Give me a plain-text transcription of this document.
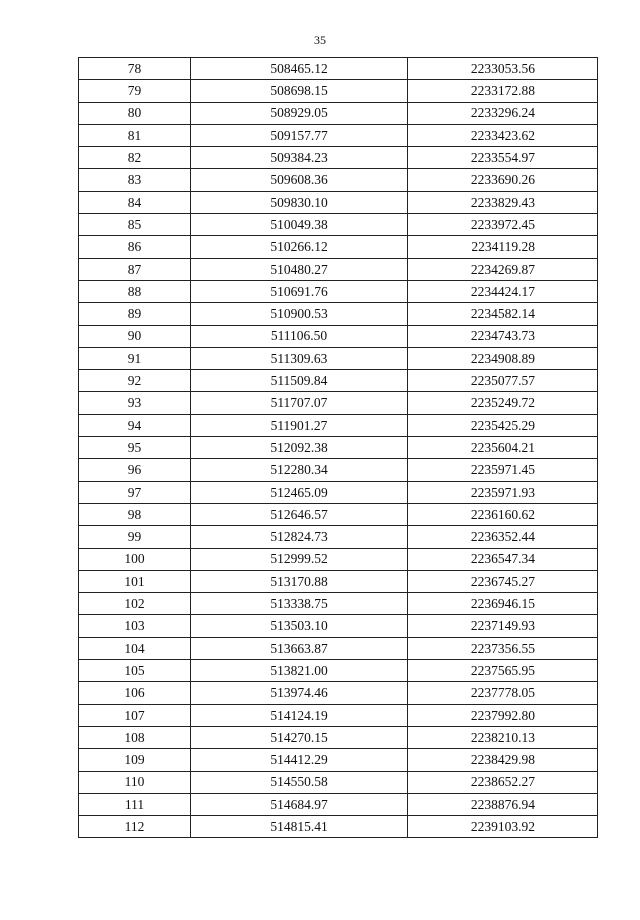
35
78	508465.12	2233053.56
79	508698.15	2233172.88
80	508929.05	2233296.24
81	509157.77	2233423.62
82	509384.23	2233554.97
83	509608.36	2233690.26
84	509830.10	2233829.43
85	510049.38	2233972.45
86	510266.12	2234119.28
87	510480.27	2234269.87
88	510691.76	2234424.17
89	510900.53	2234582.14
90	511106.50	2234743.73
91	511309.63	2234908.89
92	511509.84	2235077.57
93	511707.07	2235249.72
94	511901.27	2235425.29
95	512092.38	2235604.21
96	512280.34	2235971.45
97	512465.09	2235971.93
98	512646.57	2236160.62
99	512824.73	2236352.44
100	512999.52	2236547.34
101	513170.88	2236745.27
102	513338.75	2236946.15
103	513503.10	2237149.93
104	513663.87	2237356.55
105	513821.00	2237565.95
106	513974.46	2237778.05
107	514124.19	2237992.80
108	514270.15	2238210.13
109	514412.29	2238429.98
110	514550.58	2238652.27
111	514684.97	2238876.94
112	514815.41	2239103.92
